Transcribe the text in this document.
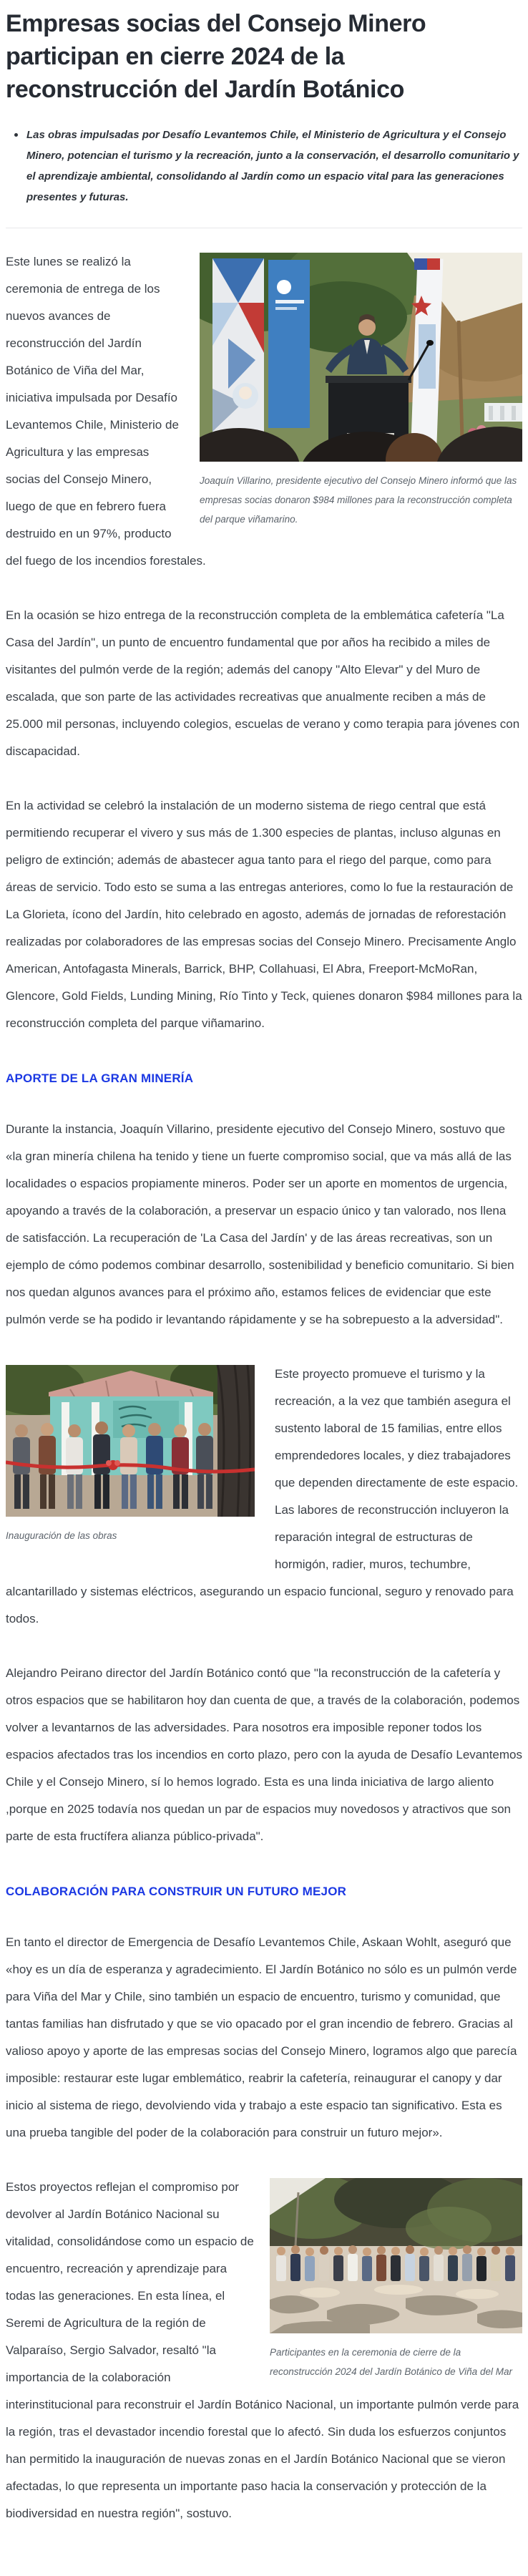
Empresas socias del Consejo Minero participan en cierre 2024 de la reconstrucción del Jardín Botánico
Las obras impulsadas por Desafío Levantemos Chile, el Ministerio de Agricultura y el Consejo Minero, potencian el turismo y la recreación, junto a la conservación, el desarrollo comunitario y el aprendizaje ambiental, consolidando al Jardín como un espacio vital para las generaciones presentes y futuras.
Joaquín Villarino, presidente ejecutivo del Consejo Minero informó que las empresas socias donaron $984 millones para la reconstrucción completa del parque viñamarino.

Este lunes se realizó la ceremonia de entrega de los nuevos avances de reconstrucción del Jardín Botánico de Viña del Mar, iniciativa impulsada por Desafío Levantemos Chile, Ministerio de Agricultura y las empresas socias del Consejo Minero, luego de que en febrero fuera destruido en un 97%, producto del fuego de los incendios forestales.

En la ocasión se hizo entrega de la reconstrucción completa de la emblemática cafetería "La Casa del Jardín", un punto de encuentro fundamental que por años ha recibido a miles de visitantes del pulmón verde de la región; además del canopy "Alto Elevar" y del Muro de escalada, que son parte de las actividades recreativas que anualmente reciben a más de 25.000 mil personas, incluyendo colegios, escuelas de verano y como terapia para jóvenes con discapacidad.

En la actividad se celebró la instalación de un moderno sistema de riego central que está permitiendo recuperar el vivero y sus más de 1.300 especies de plantas, incluso algunas en peligro de extinción; además de abastecer agua tanto para el riego del parque, como para áreas de servicio. Todo esto se suma a las entregas anteriores, como lo fue la restauración de La Glorieta, ícono del Jardín, hito celebrado en agosto, además de jornadas de reforestación realizadas por colaboradores de las empresas socias del Consejo Minero. Precisamente Anglo American, Antofagasta Minerals, Barrick, BHP, Collahuasi, El Abra, Freeport-McMoRan, Glencore, Gold Fields, Lunding Mining, Río Tinto y Teck, quienes donaron $984 millones para la reconstrucción completa del parque viñamarino.

APORTE DE LA GRAN MINERÍA

Durante la instancia, Joaquín Villarino, presidente ejecutivo del Consejo Minero, sostuvo que «la gran minería chilena ha tenido y tiene un fuerte compromiso social, que va más allá de las localidades o espacios propiamente mineros. Poder ser un aporte en momentos de urgencia, apoyando a través de la colaboración, a preservar un espacio único y tan valorado, nos llena de satisfacción. La recuperación de 'La Casa del Jardín' y de las áreas recreativas, son un ejemplo de cómo podemos combinar desarrollo, sostenibilidad y beneficio comunitario. Si bien nos quedan algunos avances para el próximo año, estamos felices de evidenciar que este pulmón verde se ha podido ir levantando rápidamente y se ha sobrepuesto a la adversidad".

Inauguración de las obras

Este proyecto promueve el turismo y la recreación, a la vez que también asegura el sustento laboral de 15 familias, entre ellos emprendedores locales, y diez trabajadores que dependen directamente de este espacio. Las labores de reconstrucción incluyeron la reparación integral de estructuras de hormigón, radier, muros, techumbre, alcantarillado y sistemas eléctricos, asegurando un espacio funcional, seguro y renovado para todos.

Alejandro Peirano director del Jardín Botánico contó que "la reconstrucción de la cafetería y otros espacios que se habilitaron hoy dan cuenta de que, a través de la colaboración, podemos volver a levantarnos de las adversidades. Para nosotros era imposible reponer todos los espacios afectados tras los incendios en corto plazo, pero con la ayuda de Desafío Levantemos Chile y el Consejo Minero, sí lo hemos logrado. Esta es una linda iniciativa de largo aliento ,porque en 2025 todavía nos quedan un par de espacios muy novedosos y atractivos que son parte de esta fructífera alianza público-privada".

COLABORACIÓN PARA CONSTRUIR UN FUTURO MEJOR

En tanto el director de Emergencia de Desafío Levantemos Chile, Askaan Wohlt, aseguró que «hoy es un día de esperanza y agradecimiento. El Jardín Botánico no sólo es un pulmón verde para Viña del Mar y Chile, sino también un espacio de encuentro, turismo y comunidad, que tantas familias han disfrutado y que se vio opacado por el gran incendio de febrero. Gracias al valioso apoyo y aporte de las empresas socias del Consejo Minero, logramos algo que parecía imposible: restaurar este lugar emblemático, reabrir la cafetería, reinaugurar el canopy y dar inicio al sistema de riego, devolviendo vida y trabajo a este espacio tan significativo. Esta es una prueba tangible del poder de la colaboración para construir un futuro mejor».

Participantes en la ceremonia de cierre de la reconstrucción 2024 del Jardín Botánico de Viña del Mar

Estos proyectos reflejan el compromiso por devolver al Jardín Botánico Nacional su vitalidad, consolidándose como un espacio de encuentro, recreación y aprendizaje para todas las generaciones. En esta línea, el Seremi de Agricultura de la región de Valparaíso, Sergio Salvador, resaltó "la importancia de la colaboración interinstitucional para reconstruir el Jardín Botánico Nacional, un importante pulmón verde para la región, tras el devastador incendio forestal que lo afectó. Sin duda los esfuerzos conjuntos han permitido la inauguración de nuevas zonas en el Jardín Botánico Nacional que se vieron afectadas, lo que representa un importante paso hacia la conservación y protección de la biodiversidad en nuestra región", sostuvo.
